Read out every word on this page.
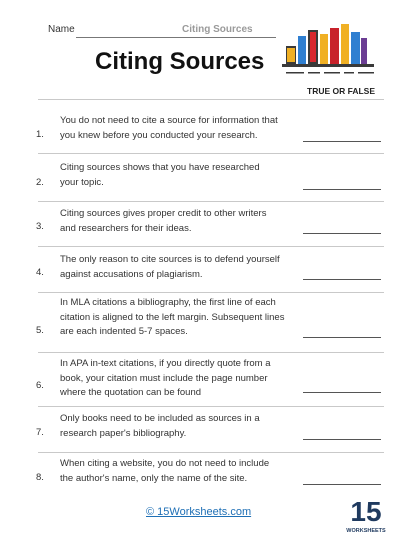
Name	Citing Sources
Citing Sources
TRUE OR FALSE
You do not need to cite a source for information that
you knew before you conducted your research.
1.
Citing sources shows that you have researched
your topic.
2.
Citing sources gives proper credit to other writers
and researchers for their ideas.
3.
The only reason to cite sources is to defend yourself
against accusations of plagiarism.
4.
In MLA citations a bibliography, the first line of each
citation is aligned to the left margin. Subsequent lines
are each indented 5-7 spaces.
5.
In APA in-text citations, if you directly quote from a
book, your citation must include the page number
where the quotation can be found
6.
Only books need to be included as sources in a
research paper's bibliography.
7.
When citing a website, you do not need to include
the author's name, only the name of the site.
8.
© 15Worksheets.com	15
WORKSHEETS
